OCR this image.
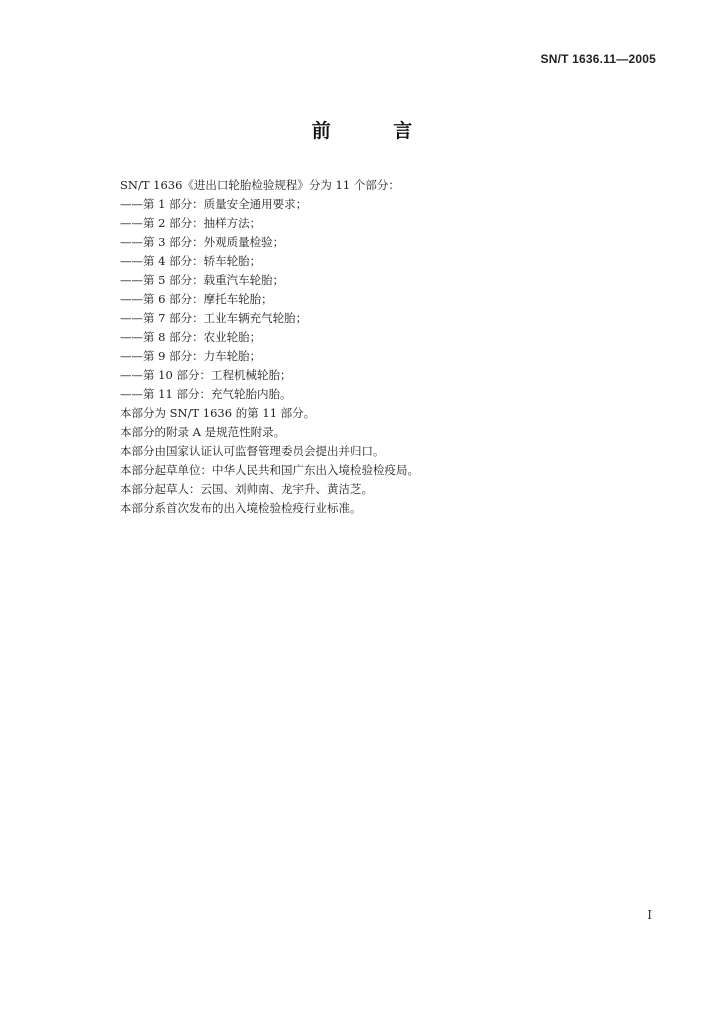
SN/T 1636.11—2005
前 言
SN/T 1636《进出口轮胎检验规程》分为 11 个部分：
——第 1 部分：质量安全通用要求；
——第 2 部分：抽样方法；
——第 3 部分：外观质量检验；
——第 4 部分：轿车轮胎；
——第 5 部分：载重汽车轮胎；
——第 6 部分：摩托车轮胎；
——第 7 部分：工业车辆充气轮胎；
——第 8 部分：农业轮胎；
——第 9 部分：力车轮胎；
——第 10 部分：工程机械轮胎；
——第 11 部分：充气轮胎内胎。
本部分为 SN/T 1636 的第 11 部分。
本部分的附录 A 是规范性附录。
本部分由国家认证认可监督管理委员会提出并归口。
本部分起草单位：中华人民共和国广东出入境检验检疫局。
本部分起草人：云国、刘帅南、龙宇升、黄洁芝。
本部分系首次发布的出入境检验检疫行业标准。
I
